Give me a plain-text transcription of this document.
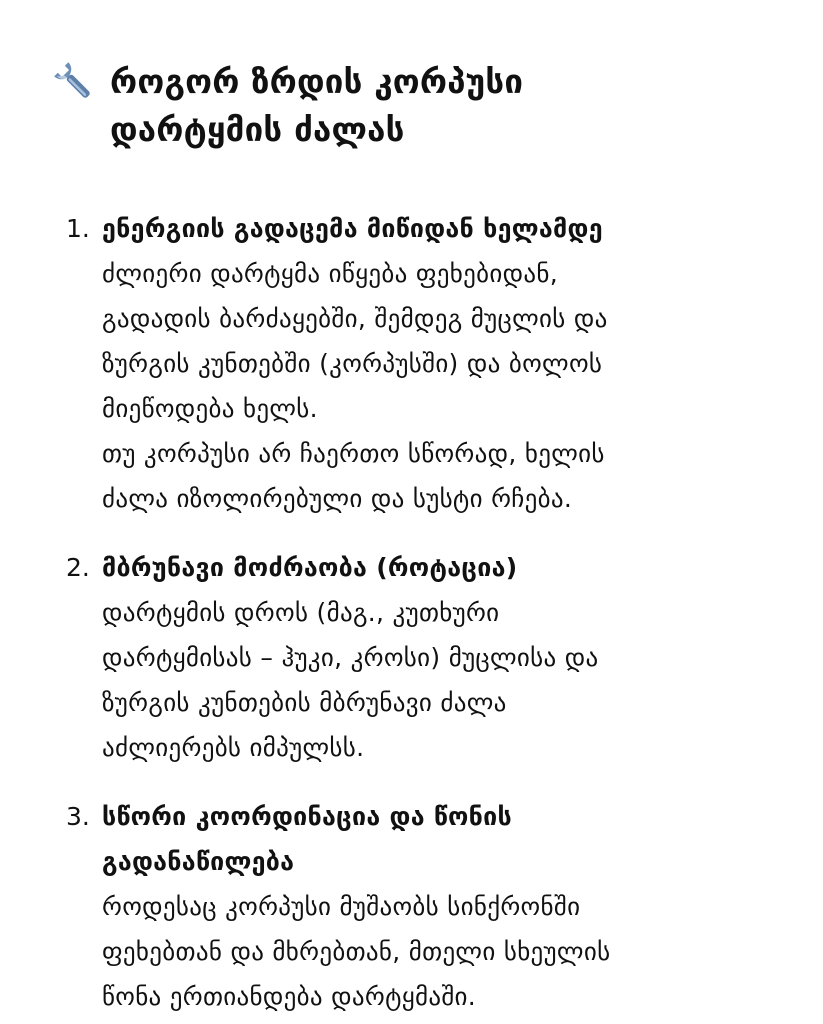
როგორ ზრდის კორპუსი
დარტყმის ძალას
1. ენერგიის გადაცემა მიწიდან ხელამდე
ძლიერი დარტყმა იწყება ფეხებიდან,
გადადის ბარძაყებში, შემდეგ მუცლის და
ზურგის კუნთებში (კორპუსში) და ბოლოს
მიეწოდება ხელს.
თუ კორპუსი არ ჩაერთო სწორად, ხელის
ძალა იზოლირებული და სუსტი რჩება.
2. მბრუნავი მოძრაობა (როტაცია)
დარტყმის დროს (მაგ., კუთხური
დარტყმისას – ჰუკი, კროსი) მუცლისა და
ზურგის კუნთების მბრუნავი ძალა
აძლიერებს იმპულსს.
3. სწორი კოორდინაცია და წონის
გადანაწილება
როდესაც კორპუსი მუშაობს სინქრონში
ფეხებთან და მხრებთან, მთელი სხეულის
წონა ერთიანდება დარტყმაში.
